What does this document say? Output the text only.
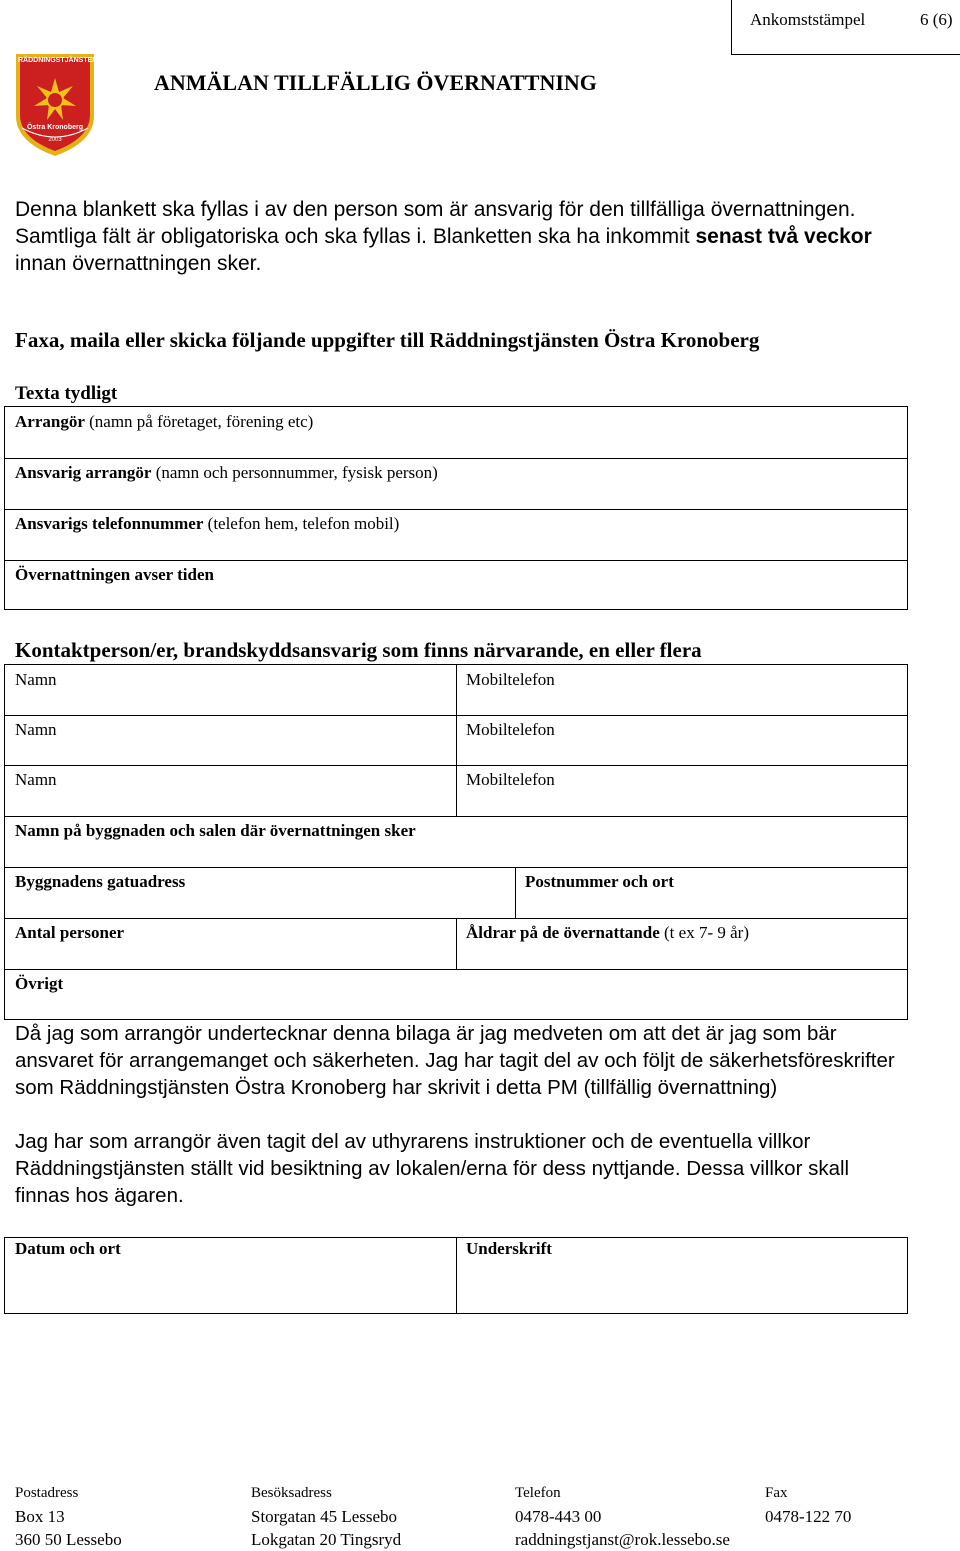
Ankomststämpel	6 (6)
RÄDDNINGSTJÄNSTEN
Östra Kronoberg
2003
ANMÄLAN TILLFÄLLIG ÖVERNATTNING
Denna blankett ska fyllas i av den person som är ansvarig för den tillfälliga övernattningen.
Samtliga fält är obligatoriska och ska fyllas i. Blanketten ska ha inkommit senast två veckor
innan övernattningen sker.
Faxa, maila eller skicka följande uppgifter till Räddningstjänsten Östra Kronoberg
Texta tydligt
Arrangör (namn på företaget, förening etc)
Ansvarig arrangör (namn och personnummer, fysisk person)
Ansvarigs telefonnummer (telefon hem, telefon mobil)
Övernattningen avser tiden
Kontaktperson/er, brandskyddsansvarig som finns närvarande, en eller flera
Namn	Mobiltelefon
Namn	Mobiltelefon
Namn	Mobiltelefon
Namn på byggnaden och salen där övernattningen sker
Byggnadens gatuadress	Postnummer och ort
Antal personer	Åldrar på de övernattande (t ex 7- 9 år)
Övrigt
Då jag som arrangör undertecknar denna bilaga är jag medveten om att det är jag som bär ansvaret för arrangemanget och säkerheten. Jag har tagit del av och följt de säkerhetsföreskrifter som Räddningstjänsten Östra Kronoberg har skrivit i detta PM (tillfällig övernattning)
Jag har som arrangör även tagit del av uthyrarens instruktioner och de eventuella villkor Räddningstjänsten ställt vid besiktning av lokalen/erna för dess nyttjande. Dessa villkor skall finnas hos ägaren.
Datum och ort	Underskrift
Postadress
Box 13
360 50 Lessebo
Besöksadress
Storgatan 45 Lessebo
Lokgatan 20 Tingsryd
Telefon
0478-443 00
raddningstjanst@rok.lessebo.se
Fax
0478-122 70
